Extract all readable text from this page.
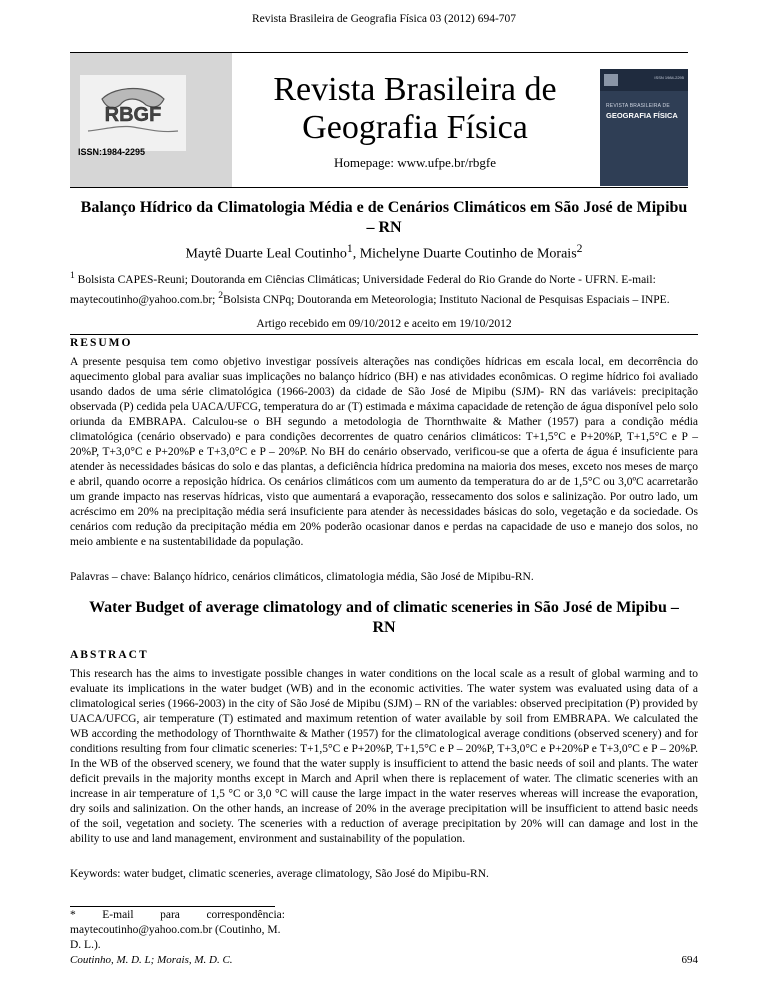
Revista Brasileira de Geografia Física 03 (2012) 694-707
RBGF
ISSN:1984-2295
Revista Brasileira de
Geografia Física
Homepage: www.ufpe.br/rbgfe
ISSN 1984-2295
REVISTA BRASILEIRA DE
GEOGRAFIA FÍSICA
Balanço Hídrico da Climatologia Média e de Cenários Climáticos em São José de Mipibu – RN
Maytê Duarte Leal Coutinho$^1$, Michelyne Duarte Coutinho de Morais$^2$
$^1$ Bolsista CAPES-Reuni; Doutoranda em Ciências Climáticas; Universidade Federal do Rio Grande do Norte - UFRN. E-mail: maytecoutinho@yahoo.com.br; $^2$Bolsista CNPq; Doutoranda em Meteorologia; Instituto Nacional de Pesquisas Espaciais – INPE.
Artigo recebido em 09/10/2012 e aceito em 19/10/2012
RESUMO
A presente pesquisa tem como objetivo investigar possíveis alterações nas condições hídricas em escala local, em decorrência do aquecimento global para avaliar suas implicações no balanço hídrico (BH) e nas atividades econômicas. O regime hídrico foi avaliado usando dados de uma série climatológica (1966-2003) da cidade de São José de Mipibu (SJM)- RN das variáveis: precipitação observada (P) cedida pela UACA/UFCG, temperatura do ar (T) estimada e máxima capacidade de retenção de água disponível pelo solo oriunda da EMBRAPA. Calculou-se o BH segundo a metodologia de Thornthwaite & Mather (1957) para a condição média climatológica (cenário observado) e para condições decorrentes de quatro cenários climáticos: T+1,5°C e P+20%P, T+1,5°C e P – 20%P, T+3,0°C e P+20%P e T+3,0°C e P – 20%P. No BH do cenário observado, verificou-se que a oferta de água é insuficiente para atender às necessidades básicas do solo e das plantas, a deficiência hídrica predomina na maioria dos meses, exceto nos meses de março e abril, quando ocorre a reposição hídrica. Os cenários climáticos com um aumento da temperatura do ar de 1,5°C ou 3,0ºC acarretarão um grande impacto nas reservas hídricas, visto que aumentará a evaporação, ressecamento dos solos e salinização. Por outro lado, um acréscimo em 20% na precipitação média será insuficiente para atender às necessidades básicas do solo, vegetação e da sociedade. Os cenários com redução da precipitação média em 20% poderão ocasionar danos e perdas na capacidade de uso e manejo dos solos, no meio ambiente e na sustentabilidade da população.
Palavras – chave: Balanço hídrico, cenários climáticos, climatologia média, São José de Mipibu-RN.
Water Budget of average climatology and of climatic sceneries in São José de Mipibu – RN
ABSTRACT
This research has the aims to investigate possible changes in water conditions on the local scale as a result of global warming and to evaluate its implications in the water budget (WB) and in the economic activities. The water system was evaluated using data of a climatological series (1966-2003) in the city of São José de Mipibu (SJM) – RN of the variables: observed precipitation (P) provided by UACA/UFCG, air temperature (T) estimated and maximum retention of water available by soil from EMBRAPA. We calculated the WB according the methodology of Thornthwaite & Mather (1957) for the climatological average conditions (observed scenery) and for conditions resulting from four climatic sceneries: T+1,5°C e P+20%P, T+1,5°C e P – 20%P, T+3,0°C e P+20%P e T+3,0°C e P – 20%P. In the WB of the observed scenery, we found that the water supply is insufficient to attend the basic needs of soil and plants. The water deficit prevails in the majority months except in March and April when there is replacement of water. The climatic sceneries with an increase in air temperature of 1,5 °C or 3,0 °C will cause the large impact in the water reserves whereas will increase the evaporation, dry soils and salinization. On the other hands, an increase of 20% in the average precipitation will be insufficient to attend basic needs of the soil, vegetation and society. The sceneries with a reduction of average precipitation by 20% will can damage and lost in the ability to use and land management, environment and sustainability of the population.
Keywords: water budget, climatic sceneries, average climatology, São José do Mipibu-RN.
* E-mail para correspondência:
maytecoutinho@yahoo.com.br (Coutinho, M. D. L.).
Coutinho, M. D. L; Morais, M. D. C.	694
